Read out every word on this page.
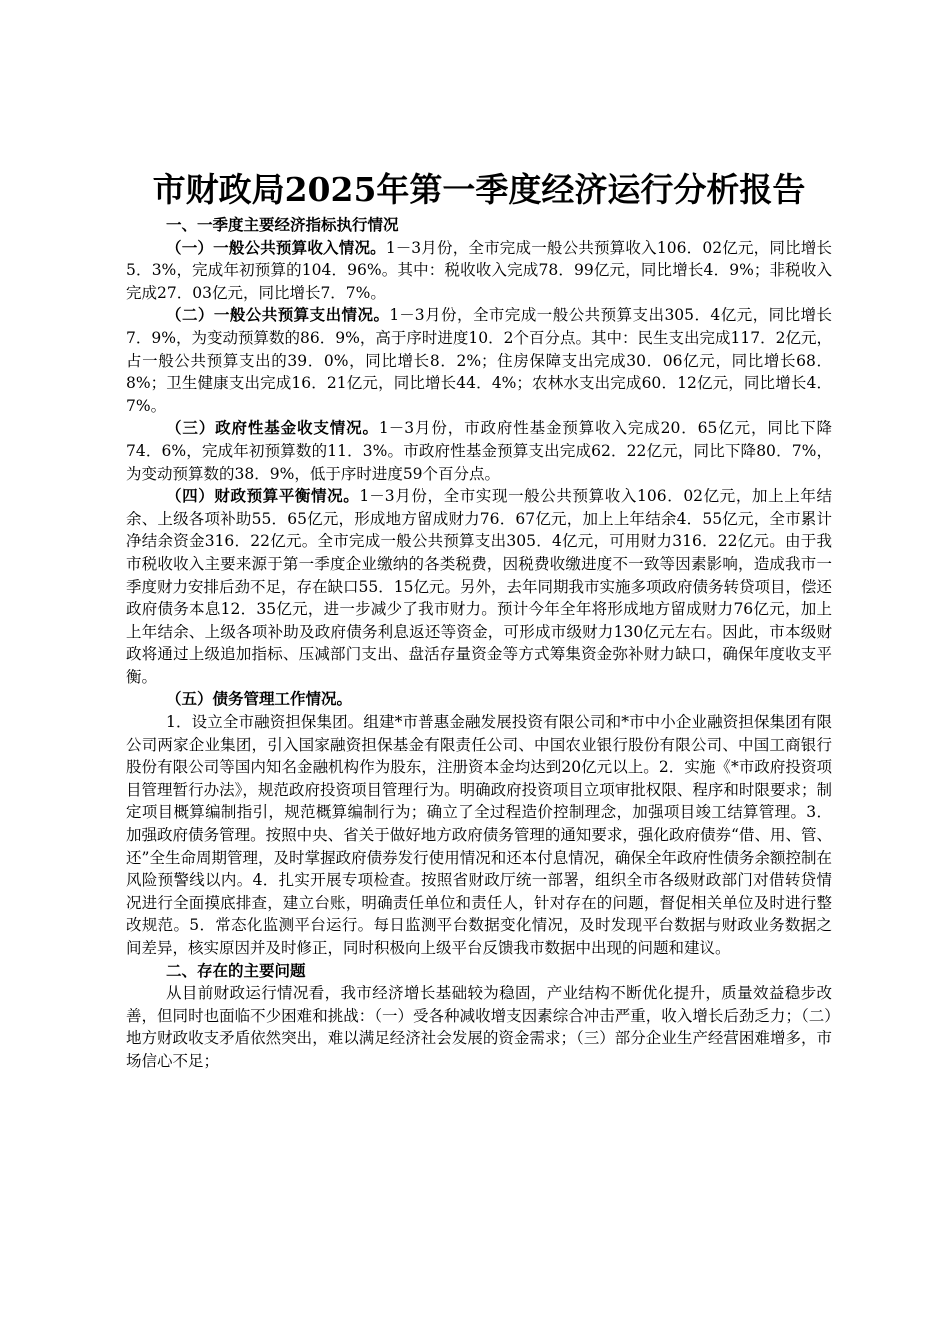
市财政局2025年第一季度经济运行分析报告

一、一季度主要经济指标执行情况

（一）一般公共预算收入情况。1－3月份，全市完成一般公共预算收入106．02亿元，同比增长5．3%，完成年初预算的104．96%。其中：税收收入完成78．99亿元，同比增长4．9%；非税收入完成27．03亿元，同比增长7．7%。

（二）一般公共预算支出情况。1－3月份，全市完成一般公共预算支出305．4亿元，同比增长7．9%，为变动预算数的86．9%，高于序时进度10．2个百分点。其中：民生支出完成117．2亿元，占一般公共预算支出的39．0%，同比增长8．2%；住房保障支出完成30．06亿元，同比增长68．8%；卫生健康支出完成16．21亿元，同比增长44．4%；农林水支出完成60．12亿元，同比增长4．7%。

（三）政府性基金收支情况。1－3月份，市政府性基金预算收入完成20．65亿元，同比下降74．6%，完成年初预算数的11．3%。市政府性基金预算支出完成62．22亿元，同比下降80．7%，为变动预算数的38．9%，低于序时进度59个百分点。

（四）财政预算平衡情况。1－3月份，全市实现一般公共预算收入106．02亿元，加上上年结余、上级各项补助55．65亿元，形成地方留成财力76．67亿元，加上上年结余4．55亿元，全市累计净结余资金316．22亿元。全市完成一般公共预算支出305．4亿元，可用财力316．22亿元。由于我市税收收入主要来源于第一季度企业缴纳的各类税费，因税费收缴进度不一致等因素影响，造成我市一季度财力安排后劲不足，存在缺口55．15亿元。另外，去年同期我市实施多项政府债务转贷项目，偿还政府债务本息12．35亿元，进一步减少了我市财力。预计今年全年将形成地方留成财力76亿元，加上上年结余、上级各项补助及政府债务利息返还等资金，可形成市级财力130亿元左右。因此，市本级财政将通过上级追加指标、压减部门支出、盘活存量资金等方式筹集资金弥补财力缺口，确保年度收支平衡。

（五）债务管理工作情况。

1．设立全市融资担保集团。组建*市普惠金融发展投资有限公司和*市中小企业融资担保集团有限公司两家企业集团，引入国家融资担保基金有限责任公司、中国农业银行股份有限公司、中国工商银行股份有限公司等国内知名金融机构作为股东，注册资本金均达到20亿元以上。2．实施《*市政府投资项目管理暂行办法》，规范政府投资项目管理行为。明确政府投资项目立项审批权限、程序和时限要求；制定项目概算编制指引，规范概算编制行为；确立了全过程造价控制理念，加强项目竣工结算管理。3．加强政府债务管理。按照中央、省关于做好地方政府债务管理的通知要求，强化政府债券“借、用、管、还”全生命周期管理，及时掌握政府债券发行使用情况和还本付息情况，确保全年政府性债务余额控制在风险预警线以内。4．扎实开展专项检查。按照省财政厅统一部署，组织全市各级财政部门对借转贷情况进行全面摸底排查，建立台账，明确责任单位和责任人，针对存在的问题，督促相关单位及时进行整改规范。5．常态化监测平台运行。每日监测平台数据变化情况，及时发现平台数据与财政业务数据之间差异，核实原因并及时修正，同时积极向上级平台反馈我市数据中出现的问题和建议。

二、存在的主要问题

从目前财政运行情况看，我市经济增长基础较为稳固，产业结构不断优化提升，质量效益稳步改善，但同时也面临不少困难和挑战：（一）受各种减收增支因素综合冲击严重，收入增长后劲乏力；（二）地方财政收支矛盾依然突出，难以满足经济社会发展的资金需求；（三）部分企业生产经营困难增多，市场信心不足；
